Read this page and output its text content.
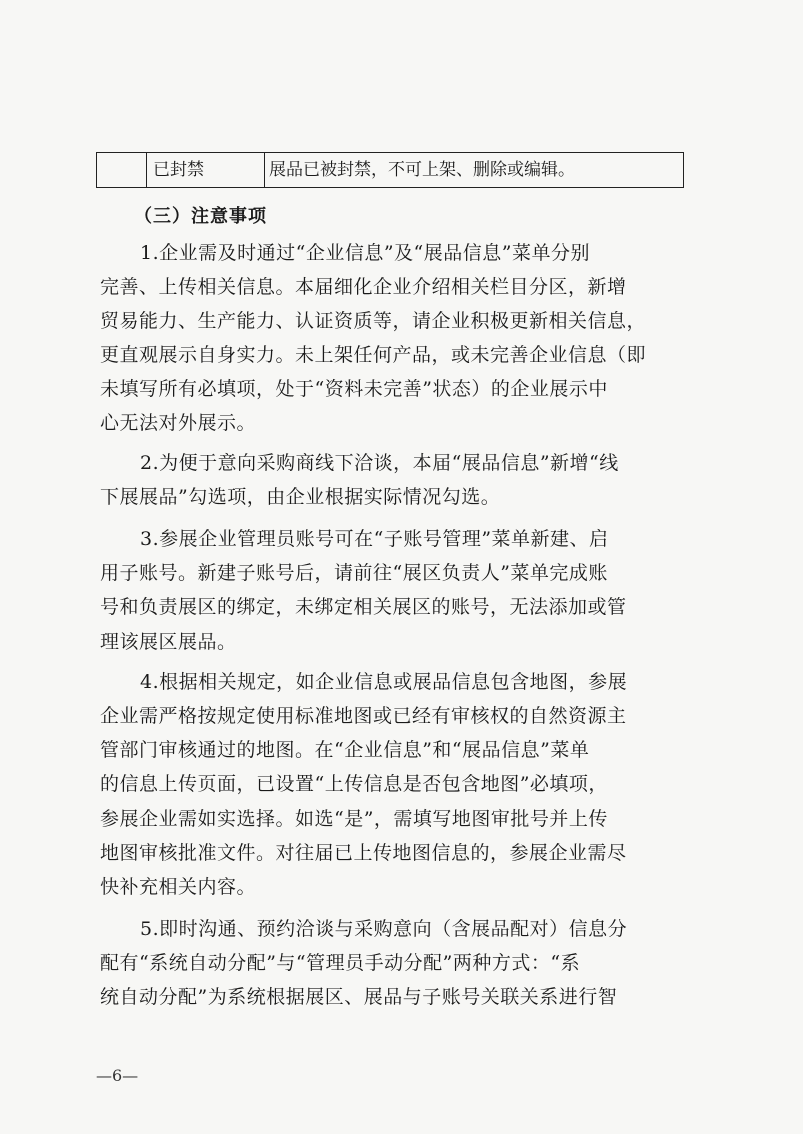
已封禁	展品已被封禁，不可上架、删除或编辑。
（三）注意事项
1.企业需及时通过“企业信息”及“展品信息”菜单分别
完善、上传相关信息。本届细化企业介绍相关栏目分区，新增
贸易能力、生产能力、认证资质等，请企业积极更新相关信息，
更直观展示自身实力。未上架任何产品，或未完善企业信息（即
未填写所有必填项，处于“资料未完善”状态）的企业展示中
心无法对外展示。
2.为便于意向采购商线下洽谈，本届“展品信息”新增“线
下展展品”勾选项，由企业根据实际情况勾选。
3.参展企业管理员账号可在“子账号管理”菜单新建、启
用子账号。新建子账号后，请前往“展区负责人”菜单完成账
号和负责展区的绑定，未绑定相关展区的账号，无法添加或管
理该展区展品。
4.根据相关规定，如企业信息或展品信息包含地图，参展
企业需严格按规定使用标准地图或已经有审核权的自然资源主
管部门审核通过的地图。在“企业信息”和“展品信息”菜单
的信息上传页面，已设置“上传信息是否包含地图”必填项，
参展企业需如实选择。如选“是”，需填写地图审批号并上传
地图审核批准文件。对往届已上传地图信息的，参展企业需尽
快补充相关内容。
5.即时沟通、预约洽谈与采购意向（含展品配对）信息分
配有“系统自动分配”与“管理员手动分配”两种方式：“系
统自动分配”为系统根据展区、展品与子账号关联关系进行智
—6—
